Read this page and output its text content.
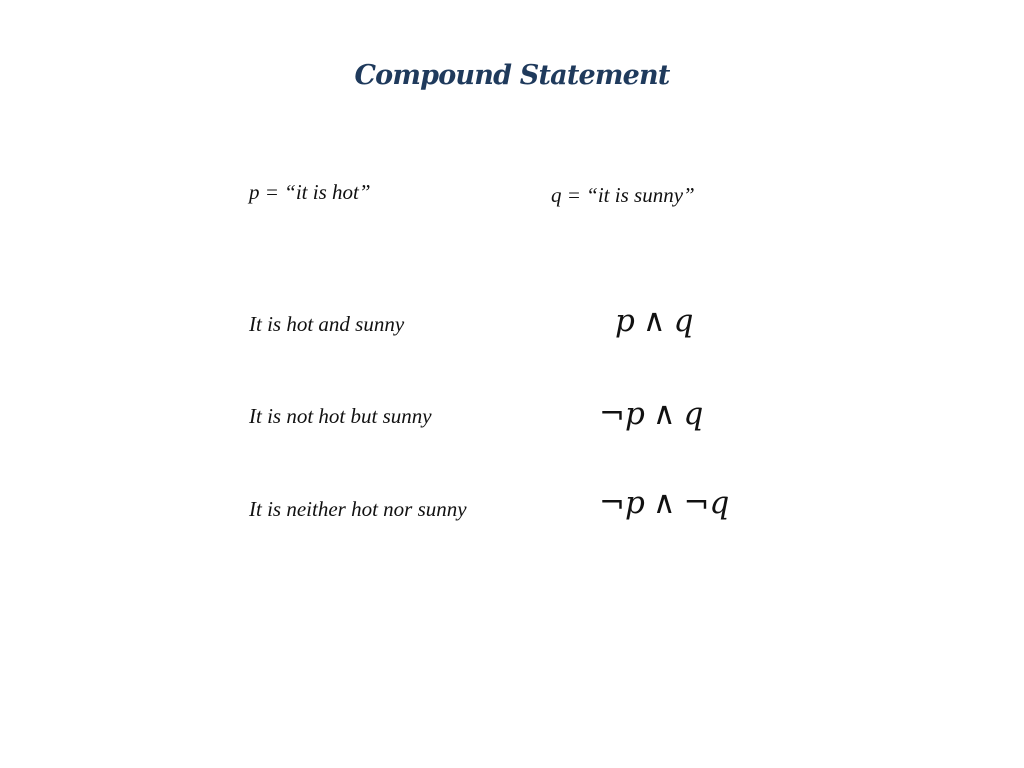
Compound Statement
p = “it is hot”	q = “it is sunny”
It is hot and sunny	p ∧ q
It is not hot but sunny	¬p ∧ q
It is neither hot nor sunny	¬p ∧ ¬q
